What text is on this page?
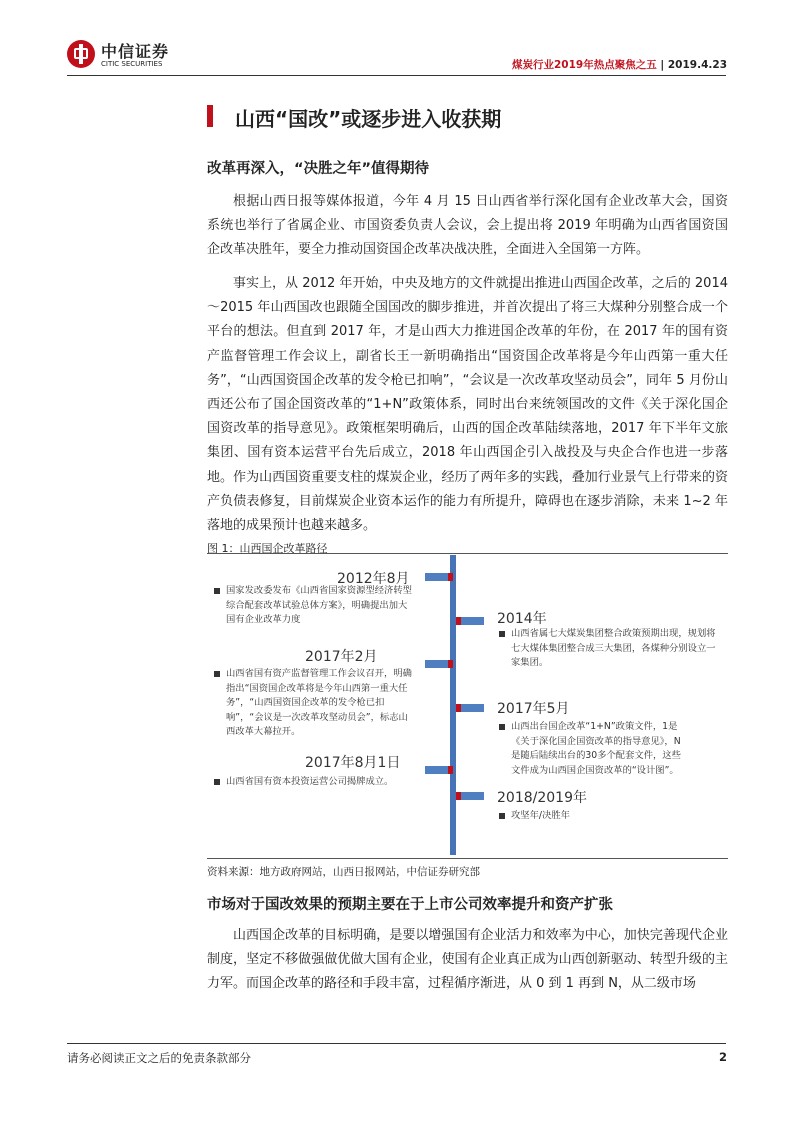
中信证券
CITIC SECURITIES	煤炭行业2019年热点聚焦之五 | 2019.4.23
山西“国改”或逐步进入收获期
改革再深入，“决胜之年”值得期待

根据山西日报等媒体报道，今年 4 月 15 日山西省举行深化国有企业改革大会，国资系统也举行了省属企业、市国资委负责人会议，会上提出将 2019 年明确为山西省国资国企改革决胜年，要全力推动国资国企改革决战决胜，全面进入全国第一方阵。

事实上，从 2012 年开始，中央及地方的文件就提出推进山西国企改革，之后的 2014～2015 年山西国改也跟随全国国改的脚步推进，并首次提出了将三大煤种分别整合成一个平台的想法。但直到 2017 年，才是山西大力推进国企改革的年份，在 2017 年的国有资产监督管理工作会议上，副省长王一新明确指出“国资国企改革将是今年山西第一重大任务”，“山西国资国企改革的发令枪已扣响”，“会议是一次改革攻坚动员会”，同年 5 月份山西还公布了国企国资改革的“1+N”政策体系，同时出台来统领国改的文件《关于深化国企国资改革的指导意见》。政策框架明确后，山西的国企改革陆续落地，2017 年下半年文旅集团、国有资本运营平台先后成立，2018 年山西国企引入战投及与央企合作也进一步落地。作为山西国资重要支柱的煤炭企业，经历了两年多的实践，叠加行业景气上行带来的资产负债表修复，目前煤炭企业资本运作的能力有所提升，障碍也在逐步消除，未来 1~2 年落地的成果预计也越来越多。

图 1：山西国企改革路径
2012年8月
国家发改委发布《山西省国家资源型经济转型综合配套改革试验总体方案》，明确提出加大国有企业改革力度	2014年
山西省属七大煤炭集团整合政策预期出现，规划将七大煤体集团整合成三大集团，各煤种分别设立一家集团。
2017年2月
山西省国有资产监督管理工作会议召开，明确指出“国资国企改革将是今年山西第一重大任务”，“山西国资国企改革的发令枪已扣响”，“会议是一次改革攻坚动员会”，标志山西改革大幕拉开。
2017年5月
山西出台国企改革“1+N”政策文件，1是《关于深化国企国资改革的指导意见》，N是随后陆续出台的30多个配套文件，这些文件成为山西国企国资改革的“设计图”。
2017年8月1日
山西省国有资本投资运营公司揭牌成立。
2018/2019年
攻坚年/决胜年
资料来源：地方政府网站，山西日报网站，中信证券研究部
市场对于国改效果的预期主要在于上市公司效率提升和资产扩张

山西国企改革的目标明确，是要以增强国有企业活力和效率为中心，加快完善现代企业制度，坚定不移做强做优做大国有企业，使国有企业真正成为山西创新驱动、转型升级的主力军。而国企改革的路径和手段丰富，过程循序渐进，从 0 到 1 再到 N，从二级市场

请务必阅读正文之后的免责条款部分	2
